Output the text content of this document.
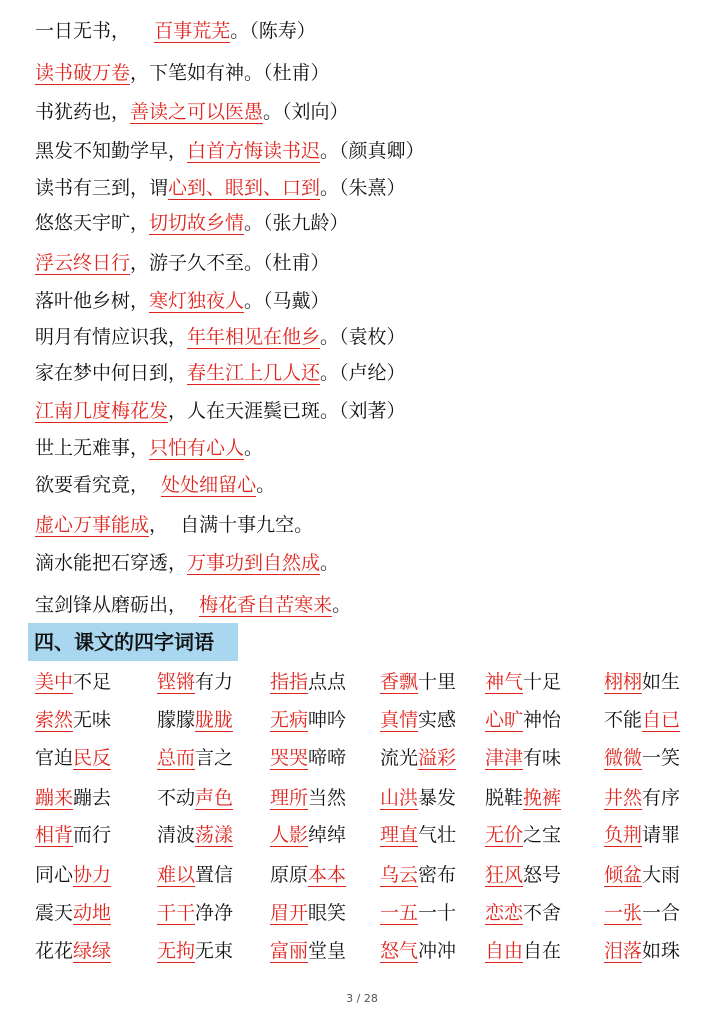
一日无书， 百事荒芜。（陈寿）
读书破万卷，下笔如有神。（杜甫）
书犹药也，善读之可以医愚。（刘向）
黑发不知勤学早，白首方悔读书迟。（颜真卿）
读书有三到，谓心到、眼到、口到。（朱熹）
悠悠天宇旷，切切故乡情。（张九龄）
浮云终日行，游子久不至。（杜甫）
落叶他乡树，寒灯独夜人。（马戴）
明月有情应识我，年年相见在他乡。（袁枚）
家在梦中何日到，春生江上几人还。（卢纶）
江南几度梅花发，人在天涯鬓已斑。（刘著）
世上无难事，只怕有心人。
欲要看究竟， 处处细留心。
虚心万事能成，  自满十事九空。
滴水能把石穿透，万事功到自然成。
宝剑锋从磨砺出， 梅花香自苦寒来。
四、课文的四字词语
美中不足 铿锵有力 指指点点 香飘十里 神气十足 栩栩如生
索然无味 朦朦胧胧 无病呻吟 真情实感 心旷神怡 不能自已
官迫民反 总而言之 哭哭啼啼 流光溢彩 津津有味 微微一笑
蹦来蹦去 不动声色 理所当然 山洪暴发 脱鞋挽裤 井然有序
相背而行 清波荡漾 人影绰绰 理直气壮 无价之宝 负荆请罪
同心协力 难以置信 原原本本 乌云密布 狂风怒号 倾盆大雨
震天动地 干干净净 眉开眼笑 一五一十 恋恋不舍 一张一合
花花绿绿 无拘无束 富丽堂皇 怒气冲冲 自由自在 泪落如珠
3 / 28
